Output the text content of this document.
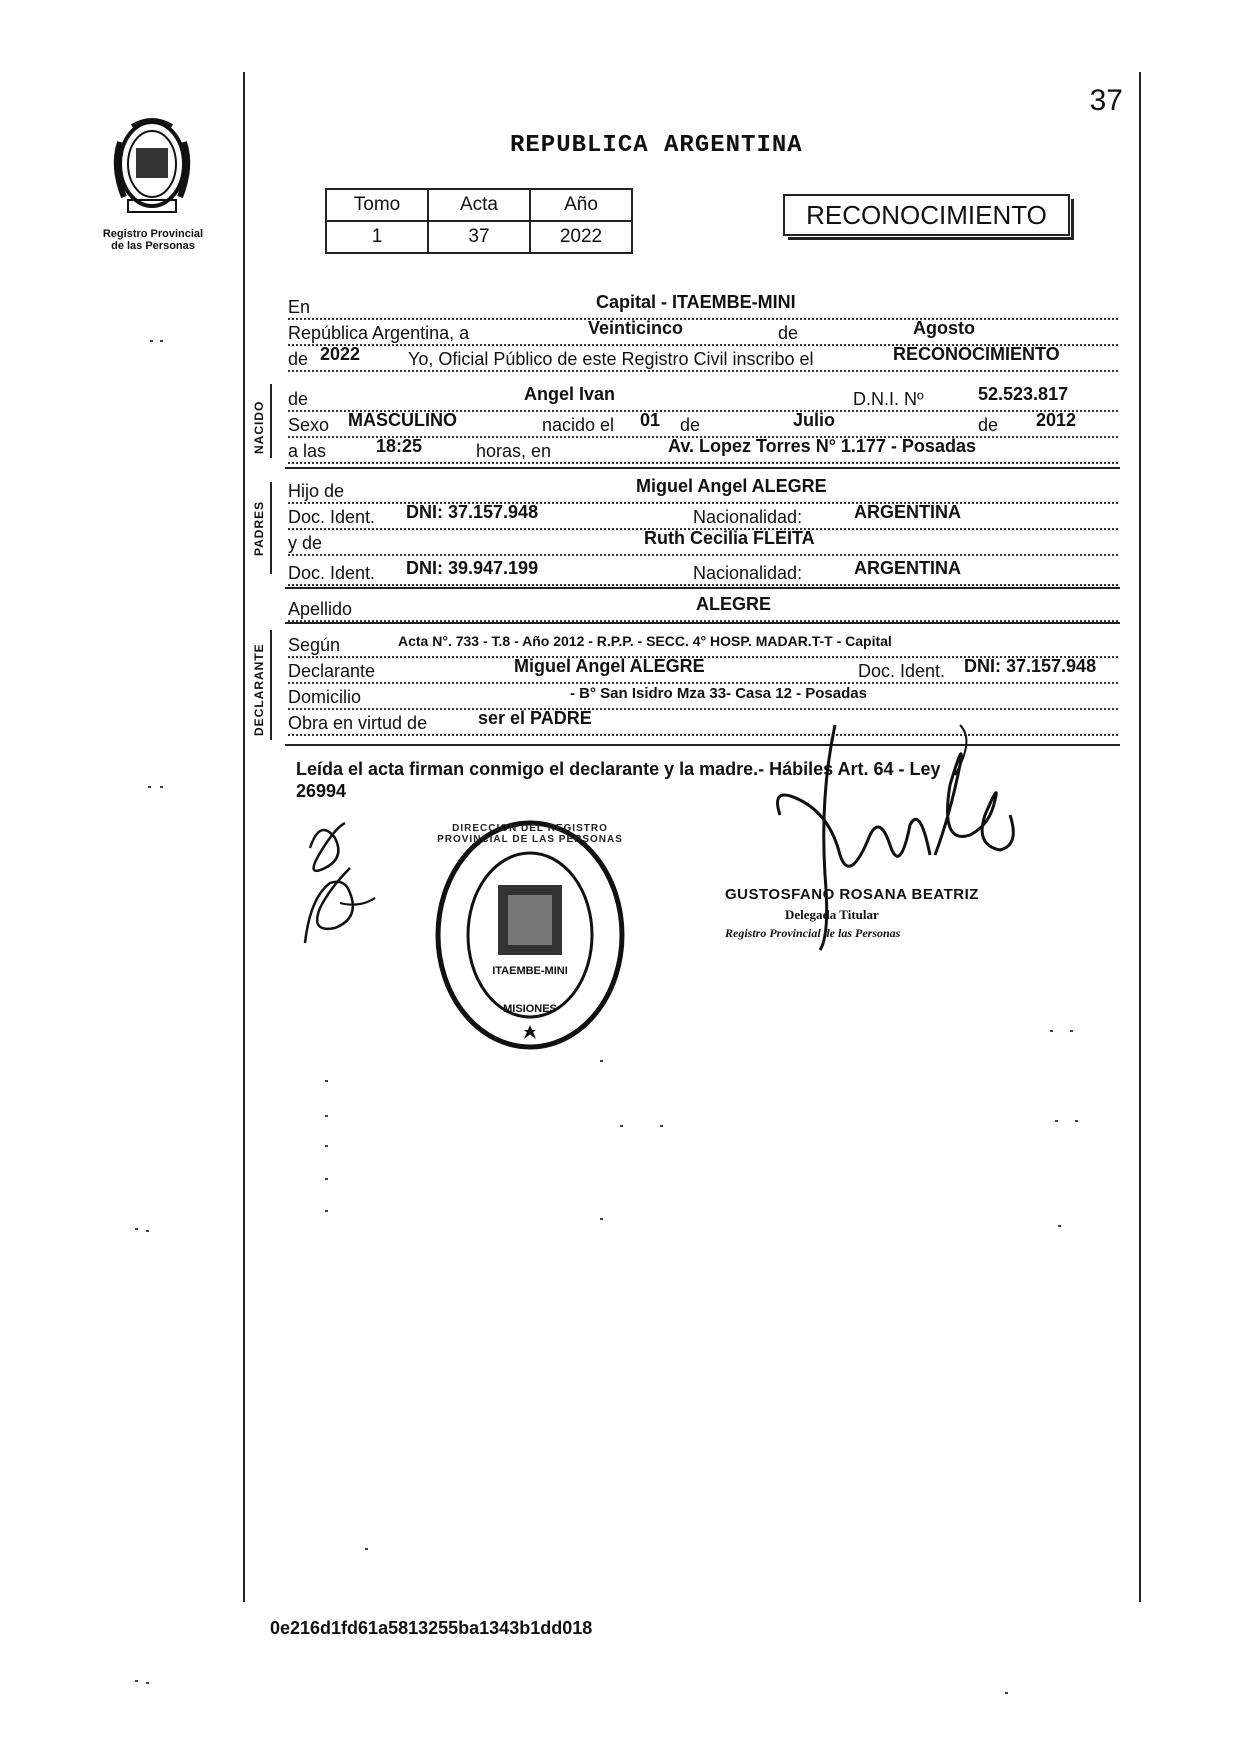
37
Registro Provincial
de las Personas
REPUBLICA ARGENTINA
Tomo	Acta	Año
1	37	2022
RECONOCIMIENTO
NACIDO
PADRES
DECLARANTE
En	Capital - ITAEMBE-MINI
República Argentina, a	Veinticinco	de	Agosto
de 2022	Yo, Oficial Público de este Registro Civil inscribo el	RECONOCIMIENTO
de	Angel Ivan	D.N.I. Nº	52.523.817
Sexo MASCULINO	nacido el 01 de	Julio	de 2012
a las	18:25	horas, en	Av. Lopez Torres N° 1.177 - Posadas
Hijo de	Miguel Angel ALEGRE
Doc. Ident. DNI: 37.157.948	Nacionalidad:	ARGENTINA
y de	Ruth Cecilia FLEITA
Doc. Ident. DNI: 39.947.199	Nacionalidad:	ARGENTINA
Apellido	ALEGRE
Según	Acta N°. 733 - T.8 - Año 2012 - R.P.P. - SECC. 4° HOSP. MADAR.T-T - Capital
Declarante	Miguel Angel ALEGRE	Doc. Ident. DNI: 37.157.948
Domicilio	- B° San Isidro Mza 33- Casa 12 - Posadas
Obra en virtud de	ser el PADRE
Leída el acta firman conmigo el declarante y la madre.- Hábiles Art. 64 - Ley
26994
DIRECCION DEL REGISTRO PROVINCIAL DE LAS PERSONAS
ITAEMBE-MINI
MISIONES
GUSTOSFANO ROSANA BEATRIZ
Delegada Titular
Registro Provincial de las Personas
0e216d1fd61a5813255ba1343b1dd018
